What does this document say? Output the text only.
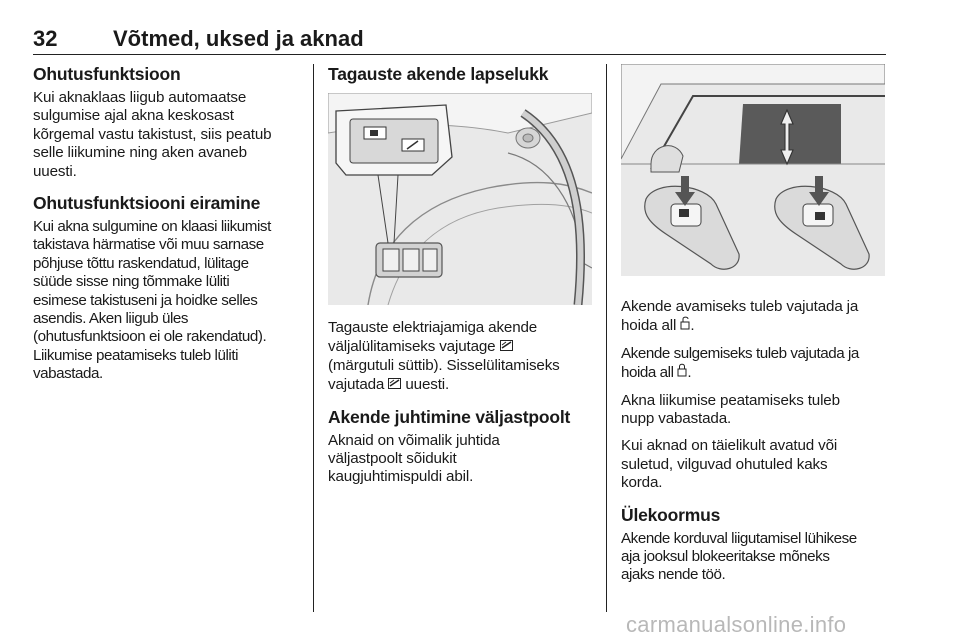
32	Võtmed, uksed ja aknad
Ohutusfunktsioon

Kui aknaklaas liigub automaatse
sulgumise ajal akna keskosast
kõrgemal vastu takistust, siis peatub
selle liikumine ning aken avaneb
uuesti.

Ohutusfunktsiooni eiramine

Kui akna sulgumine on klaasi liikumist
takistava härmatise või muu sarnase
põhjuse tõttu raskendatud, lülitage
süüde sisse ning tõmmake lüliti
esimese takistuseni ja hoidke selles
asendis. Aken liigub üles
(ohutusfunktsioon ei ole rakendatud).
Liikumise peatamiseks tuleb lüliti
vabastada.

Tagauste akende lapselukk

Tagauste elektriajamiga akende
väljalülitamiseks vajutage
(märgutuli süttib). Sisselülitamiseks
vajutada uuesti.

Akende juhtimine väljastpoolt

Aknaid on võimalik juhtida
väljastpoolt sõidukit
kaugjuhtimispuldi abil.

Akende avamiseks tuleb vajutada ja
hoida all .

Akende sulgemiseks tuleb vajutada ja
hoida all .

Akna liikumise peatamiseks tuleb
nupp vabastada.

Kui aknad on täielikult avatud või
suletud, vilguvad ohutuled kaks
korda.

Ülekoormus

Akende korduval liigutamisel lühikese
aja jooksul blokeeritakse mõneks
ajaks nende töö.

carmanualsonline.info
